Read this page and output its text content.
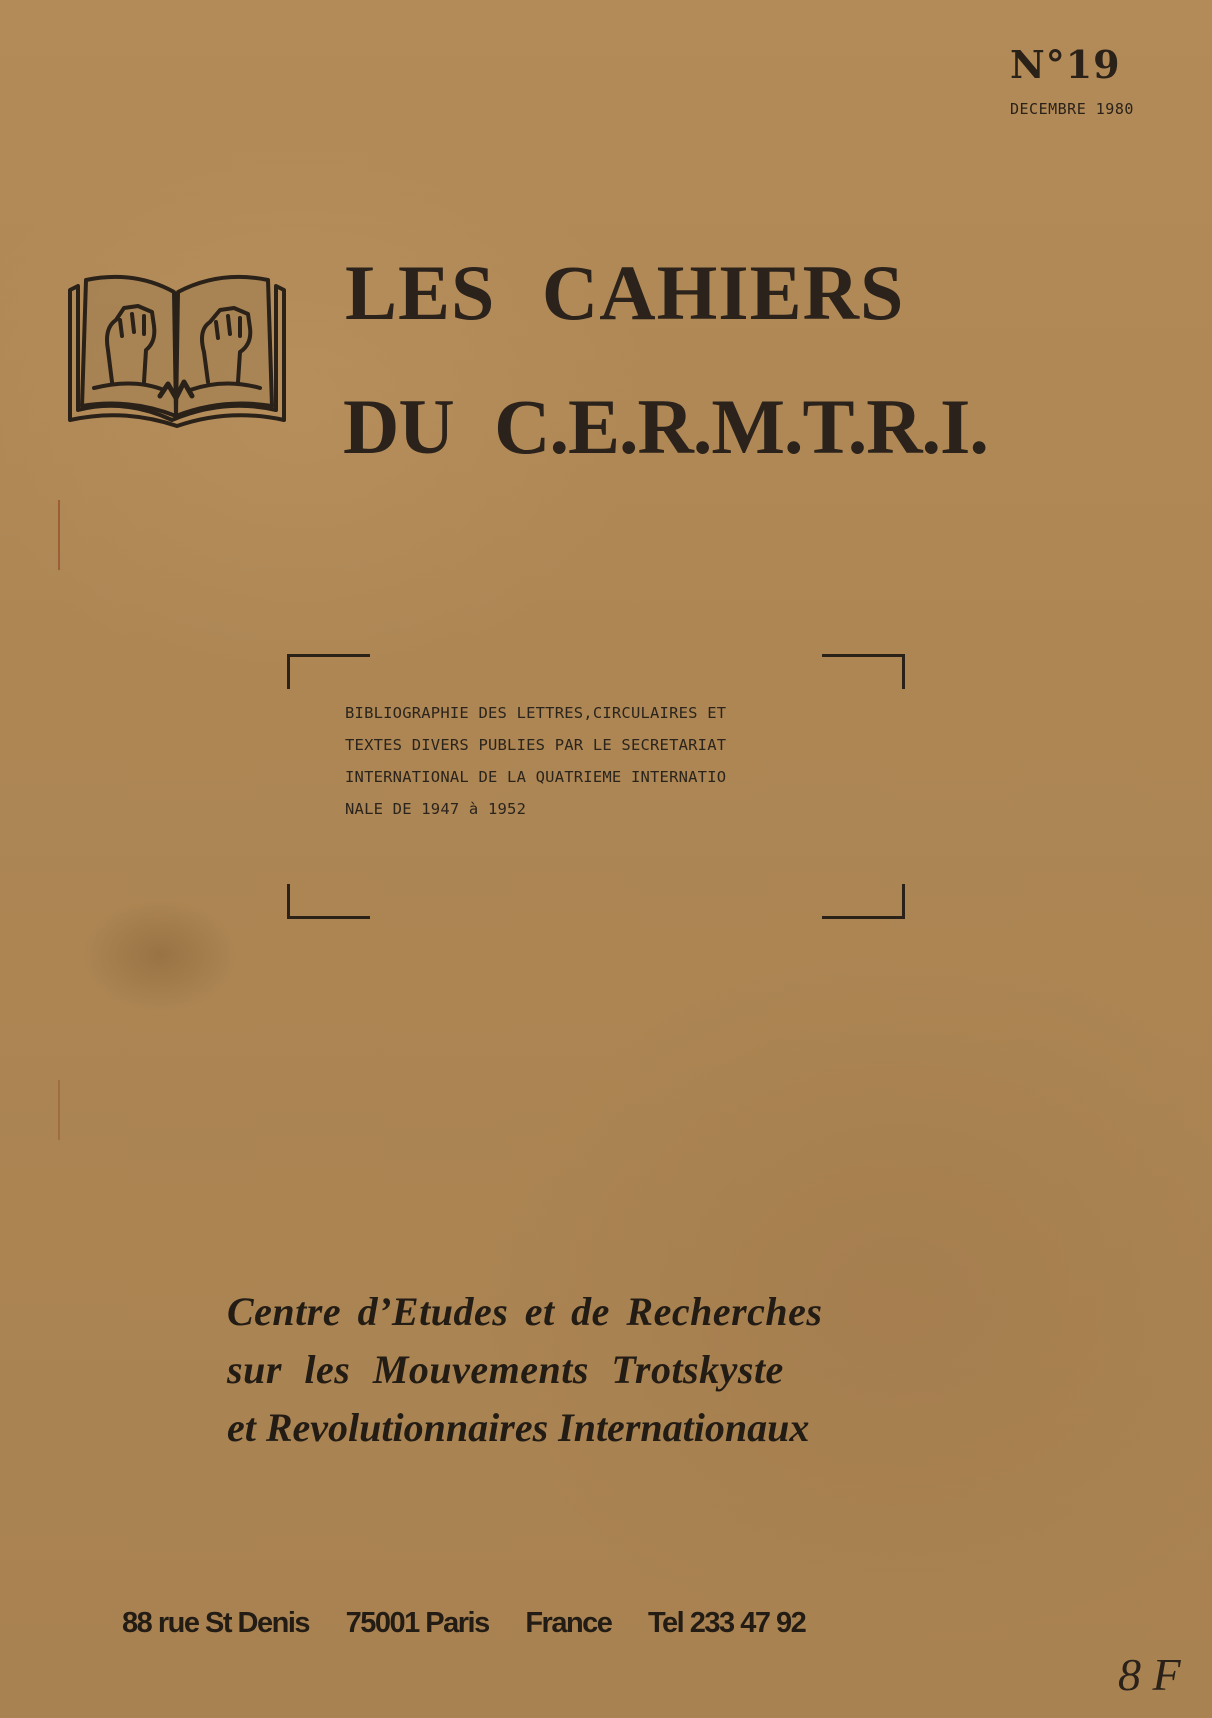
N°19
DECEMBRE 1980
LES CAHIERS
DU C.E.R.M.T.R.I.
BIBLIOGRAPHIE DES LETTRES,CIRCULAIRES ET
TEXTES DIVERS PUBLIES PAR LE SECRETARIAT
INTERNATIONAL DE LA QUATRIEME INTERNATIO
NALE DE 1947 à 1952
Centre d’Etudes et de Recherches
sur les Mouvements Trotskyste
et Revolutionnaires Internationaux
88 rue St Denis 75001 Paris France Tel 233 47 92
8 F
